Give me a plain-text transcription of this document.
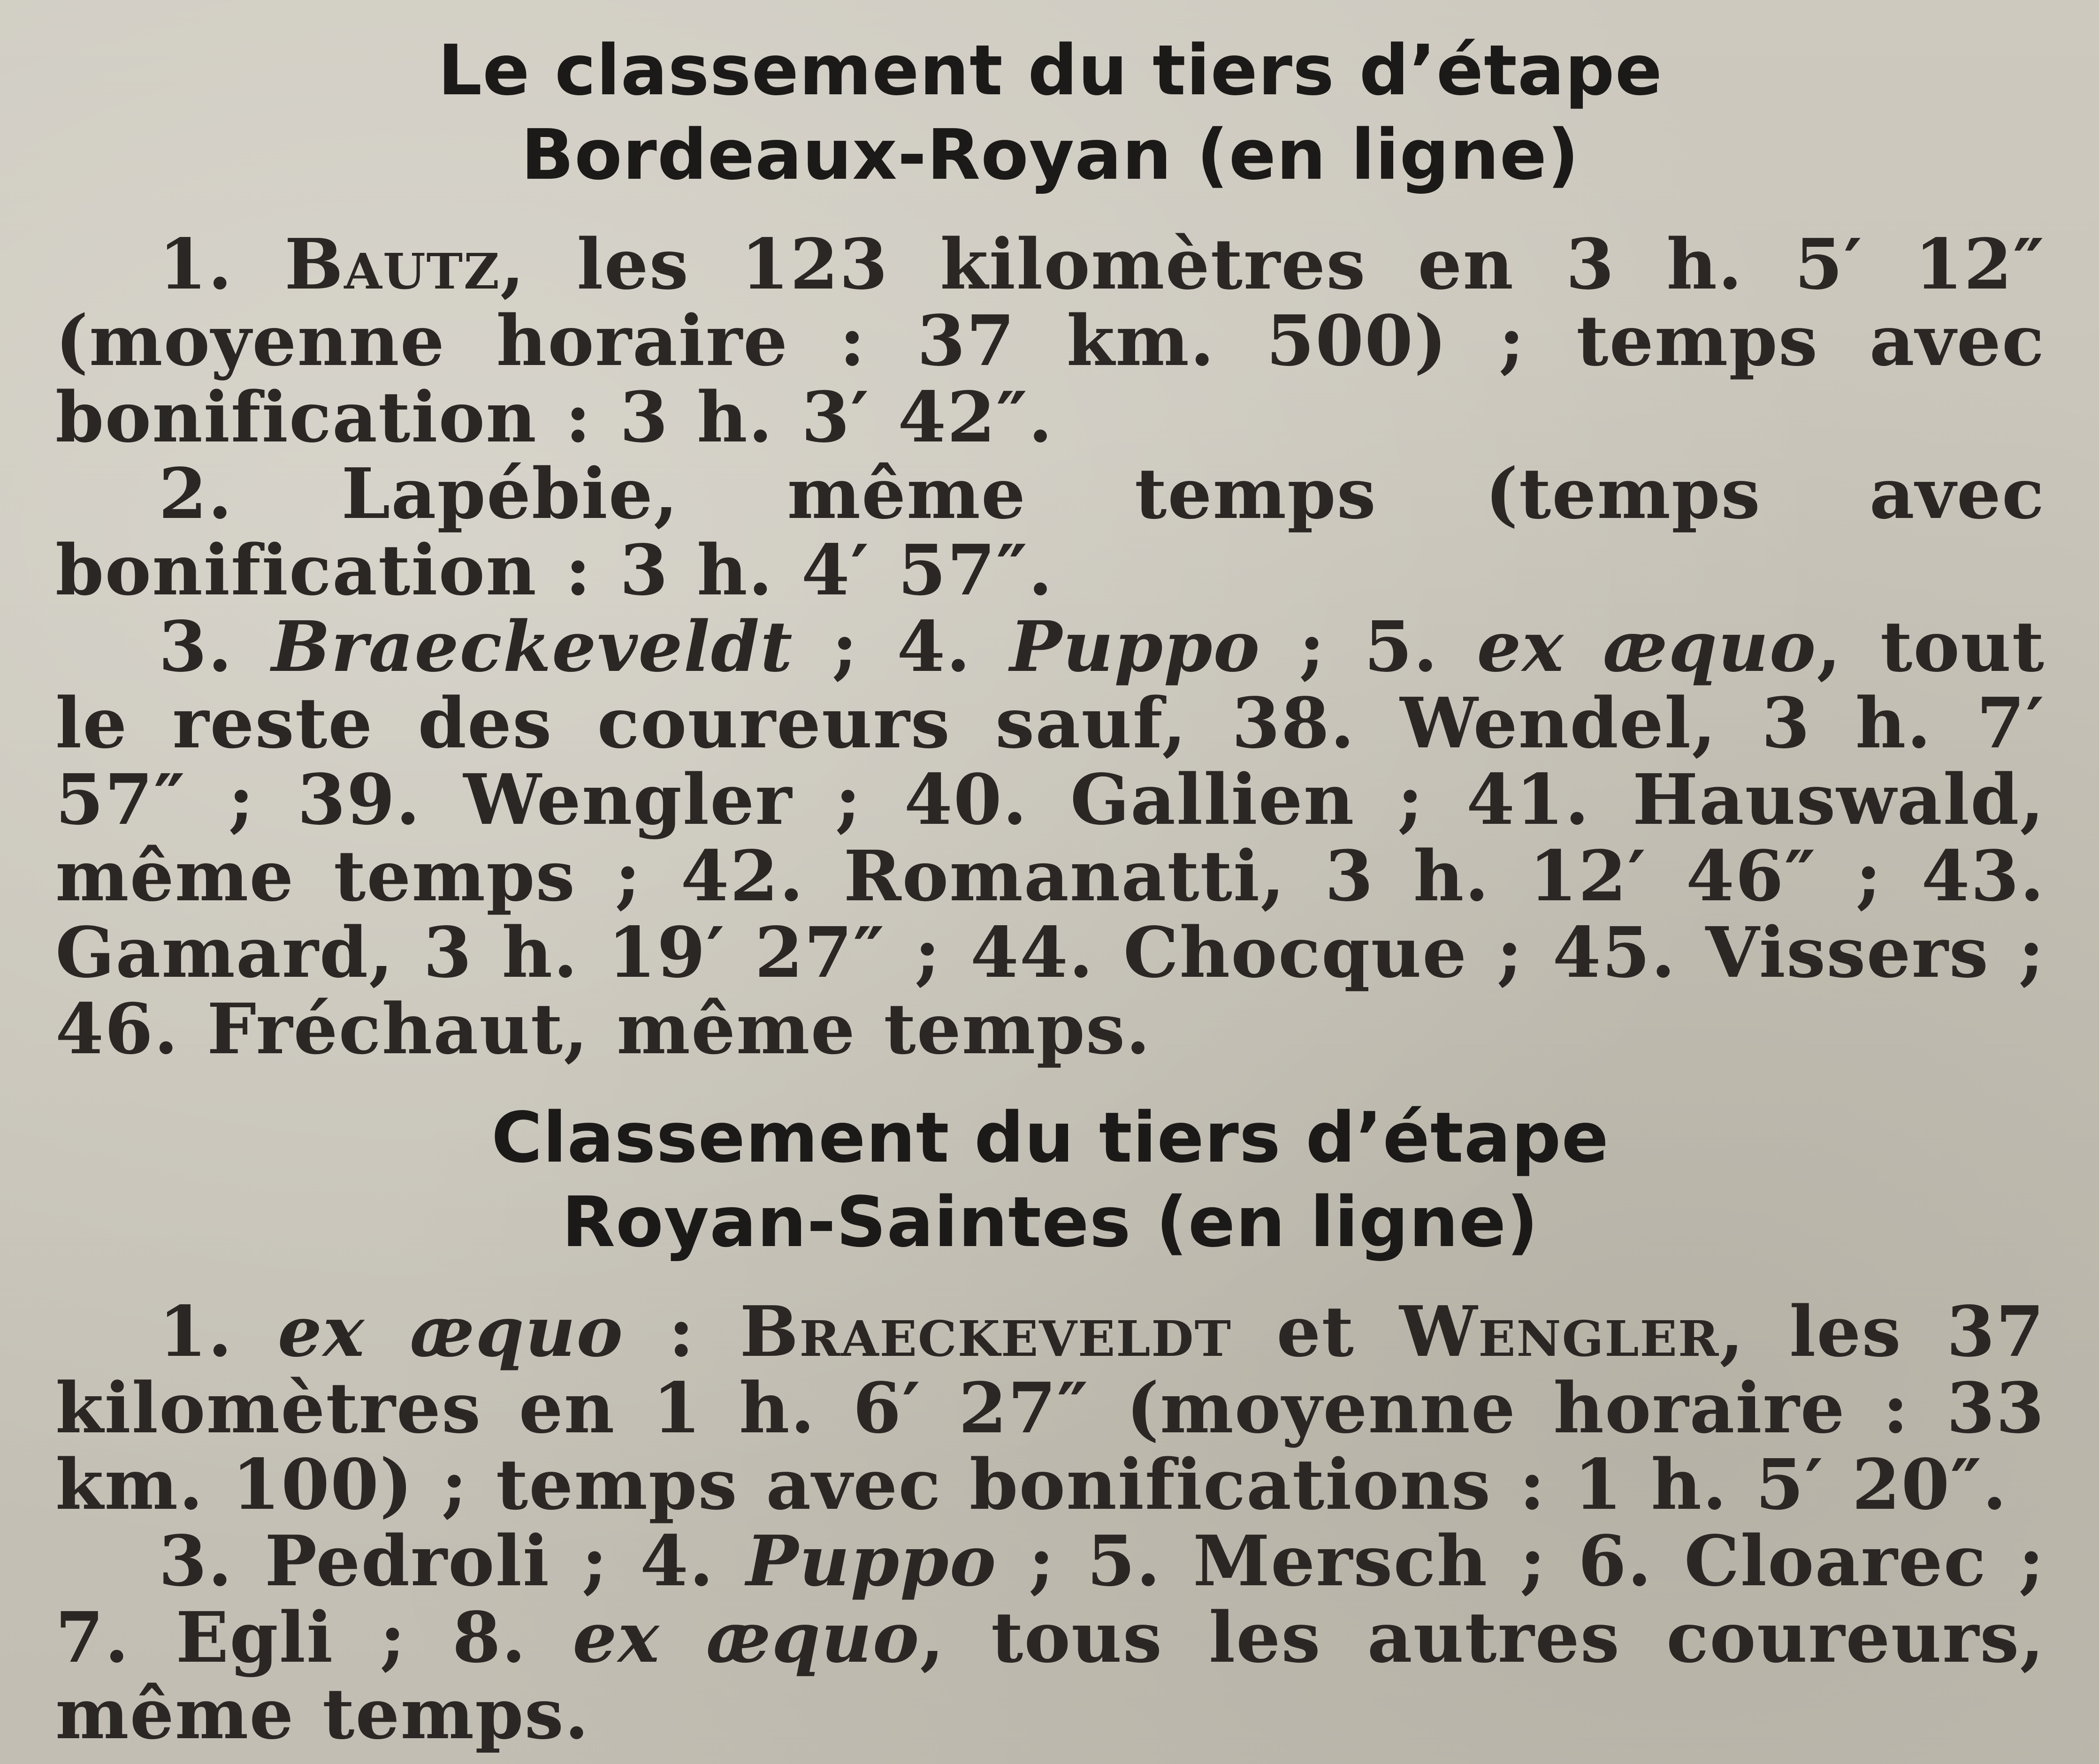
Le classement du tiers d’étape
Bordeaux-Royan (en ligne)

1. Bautz, les 123 kilomètres en 3 h. 5′ 12″ (moyenne horaire : 37 km. 500) ; temps avec bonification : 3 h. 3′ 42″.

2. Lapébie, même temps (temps avec bonification : 3 h. 4′ 57″.

3. Braeckeveldt ; 4. Puppo ; 5. ex æquo, tout le reste des coureurs sauf, 38. Wendel, 3 h. 7′ 57″ ; 39. Wengler ; 40. Gallien ; 41. Hauswald, même temps ; 42. Romanatti, 3 h. 12′ 46″ ; 43. Gamard, 3 h. 19′ 27″ ; 44. Chocque ; 45. Vissers ; 46. Fréchaut, même temps.

Classement du tiers d’étape
Royan-Saintes (en ligne)

1. ex æquo : Braeckeveldt et Wengler, les 37 kilomètres en 1 h. 6′ 27″ (moyenne horaire : 33 km. 100) ; temps avec bonifications : 1 h. 5′ 20″.

3. Pedroli ; 4. Puppo ; 5. Mersch ; 6. Cloarec ; 7. Egli ; 8. ex æquo, tous les autres coureurs, même temps.
